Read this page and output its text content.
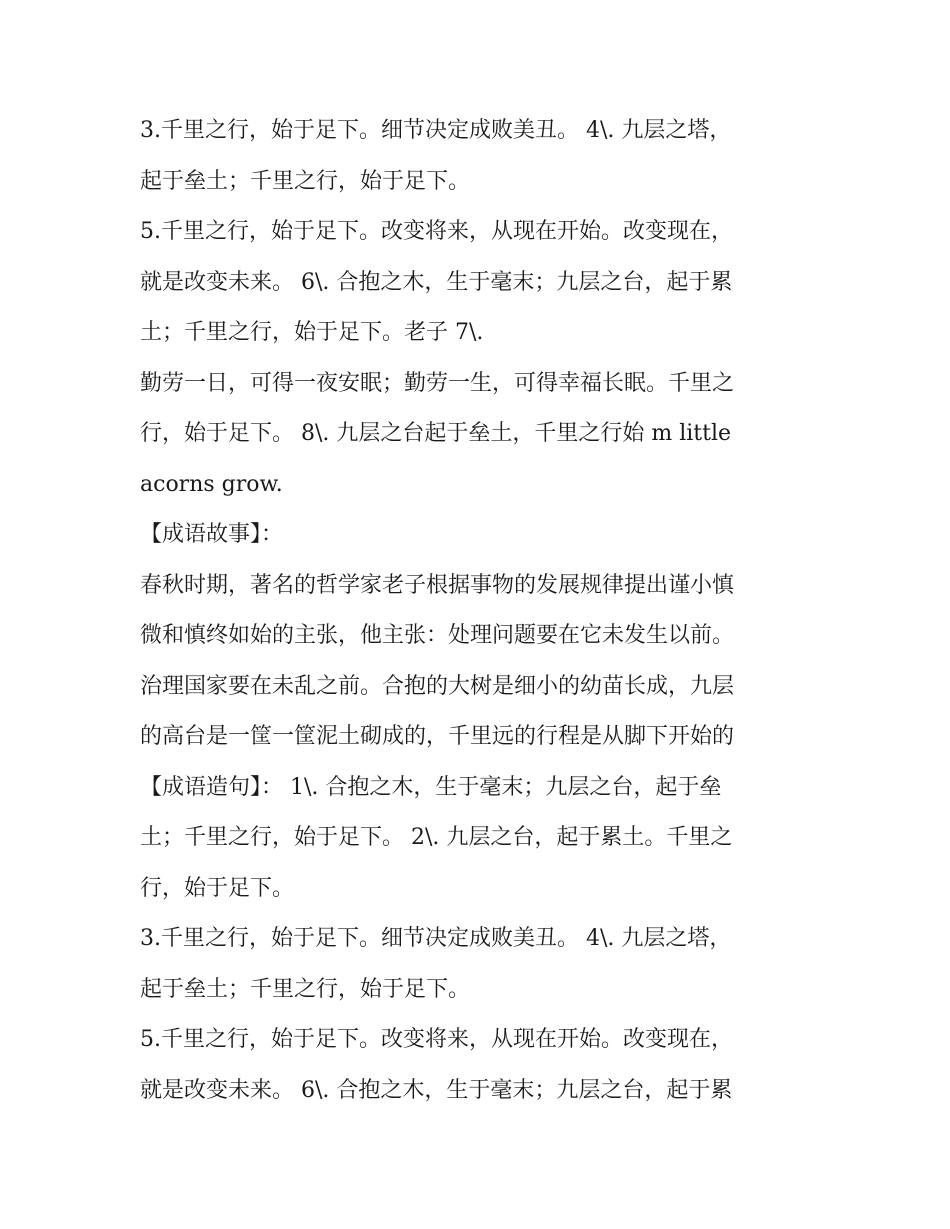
3.千里之行，始于足下。细节决定成败美丑。 4\. 九层之塔，
起于垒土；千里之行，始于足下。

5.千里之行，始于足下。改变将来，从现在开始。改变现在，
就是改变未来。 6\. 合抱之木，生于毫末；九层之台，起于累
土；千里之行，始于足下。老子 7\.

勤劳一日，可得一夜安眠；勤劳一生，可得幸福长眠。千里之
行，始于足下。 8\. 九层之台起于垒土，千里之行始 m little
acorns grow.

【成语故事】：

春秋时期，著名的哲学家老子根据事物的发展规律提出谨小慎
微和慎终如始的主张，他主张：处理问题要在它未发生以前。
治理国家要在未乱之前。合抱的大树是细小的幼苗长成，九层
的高台是一筐一筐泥土砌成的，千里远的行程是从脚下开始的

【成语造句】： 1\. 合抱之木，生于毫末；九层之台，起于垒
土；千里之行，始于足下。 2\. 九层之台，起于累土。千里之
行，始于足下。

3.千里之行，始于足下。细节决定成败美丑。 4\. 九层之塔，
起于垒土；千里之行，始于足下。

5.千里之行，始于足下。改变将来，从现在开始。改变现在，
就是改变未来。 6\. 合抱之木，生于毫末；九层之台，起于累
